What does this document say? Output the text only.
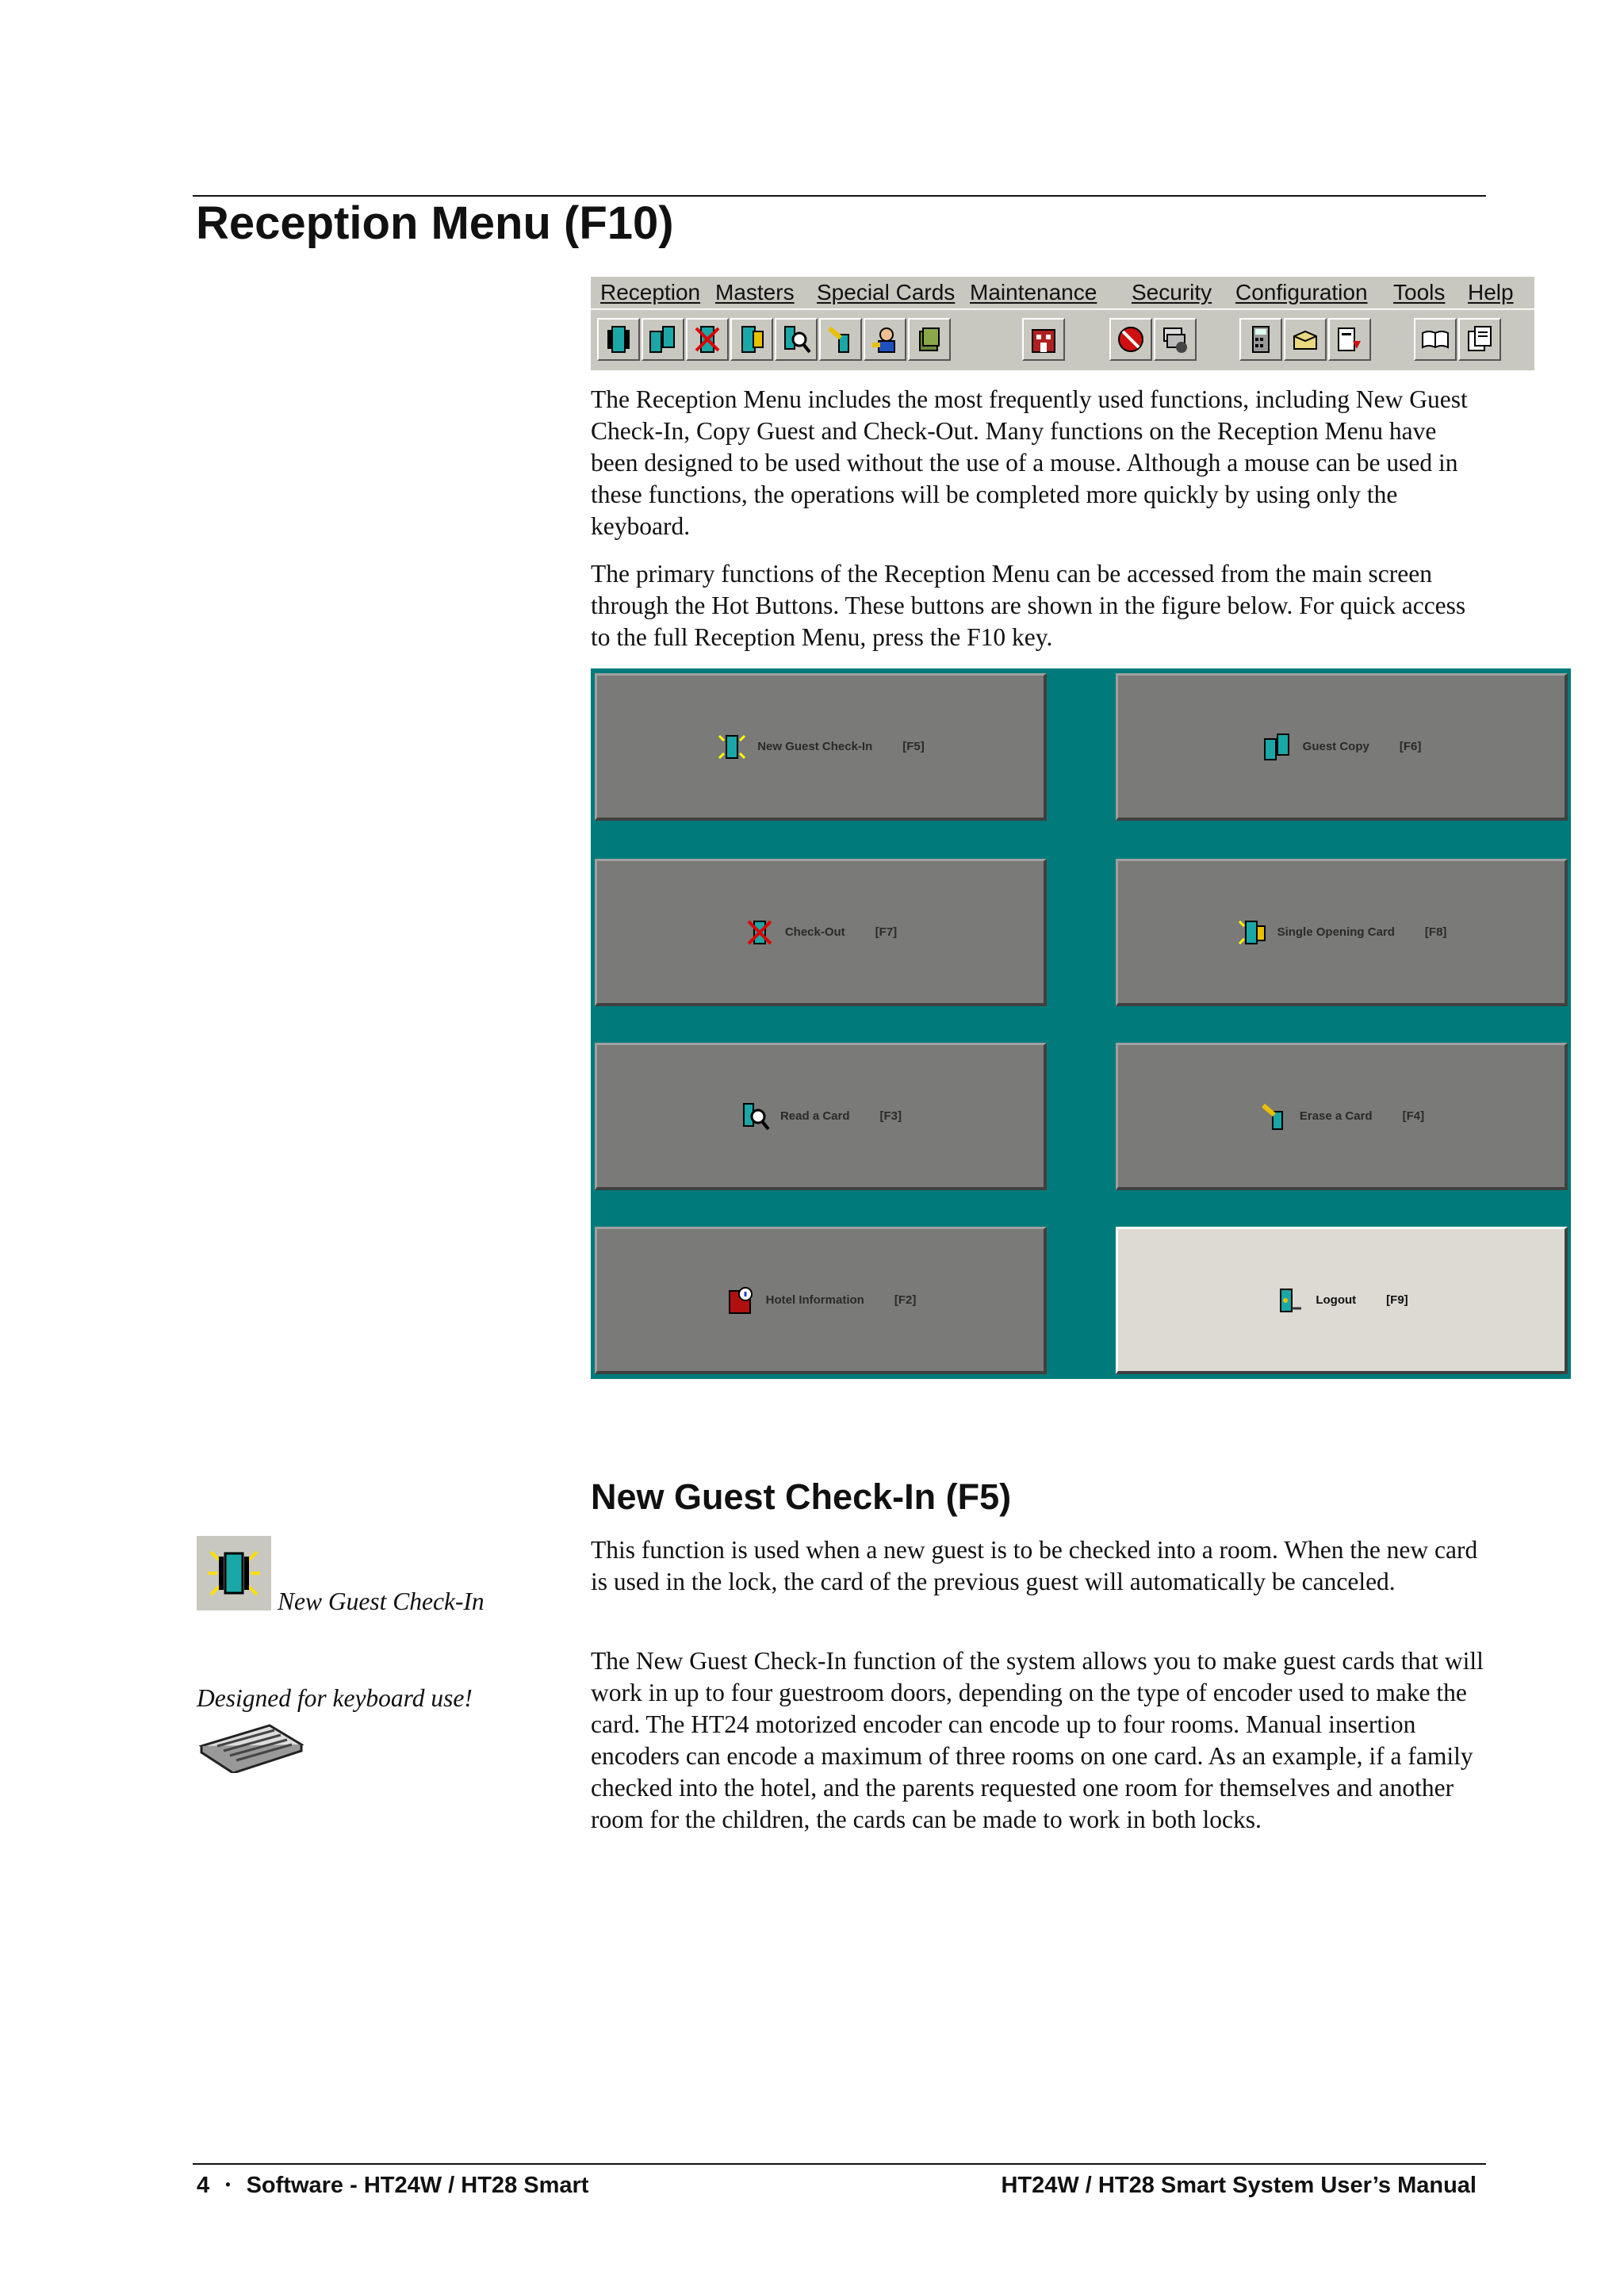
Reception Menu (F10)
Reception Masters Special Cards Maintenance Security Configuration Tools Help

The Reception Menu includes the most frequently used functions, including New Guest Check-In, Copy Guest and Check-Out. Many functions on the Reception Menu have been designed to be used without the use of a mouse. Although a mouse can be used in these functions, the operations will be completed more quickly by using only the keyboard.

The primary functions of the Reception Menu can be accessed from the main screen through the Hot Buttons. These buttons are shown in the figure below. For quick access to the full Reception Menu, press the F10 key.

New Guest Check-In	[F5]	Guest Copy	[F6]
Check-Out	[F7]	Single Opening Card	[F8]
Read a Card	[F3]	Erase a Card	[F4]
Hotel Information	[F2]	Logout	[F9]
New Guest Check-In (F5)

This function is used when a new guest is to be checked into a room. When the new card is used in the lock, the card of the previous guest will automatically be canceled.

The New Guest Check-In function of the system allows you to make guest cards that will work in up to four guestroom doors, depending on the type of encoder used to make the card. The HT24 motorized encoder can encode up to four rooms. Manual insertion encoders can encode a maximum of three rooms on one card. As an example, if a family checked into the hotel, and the parents requested one room for themselves and another room for the children, the cards can be made to work in both locks.

New Guest Check-In
Designed for keyboard use!
4 • Software - HT24W / HT28 Smart	HT24W / HT28 Smart System User’s Manual
